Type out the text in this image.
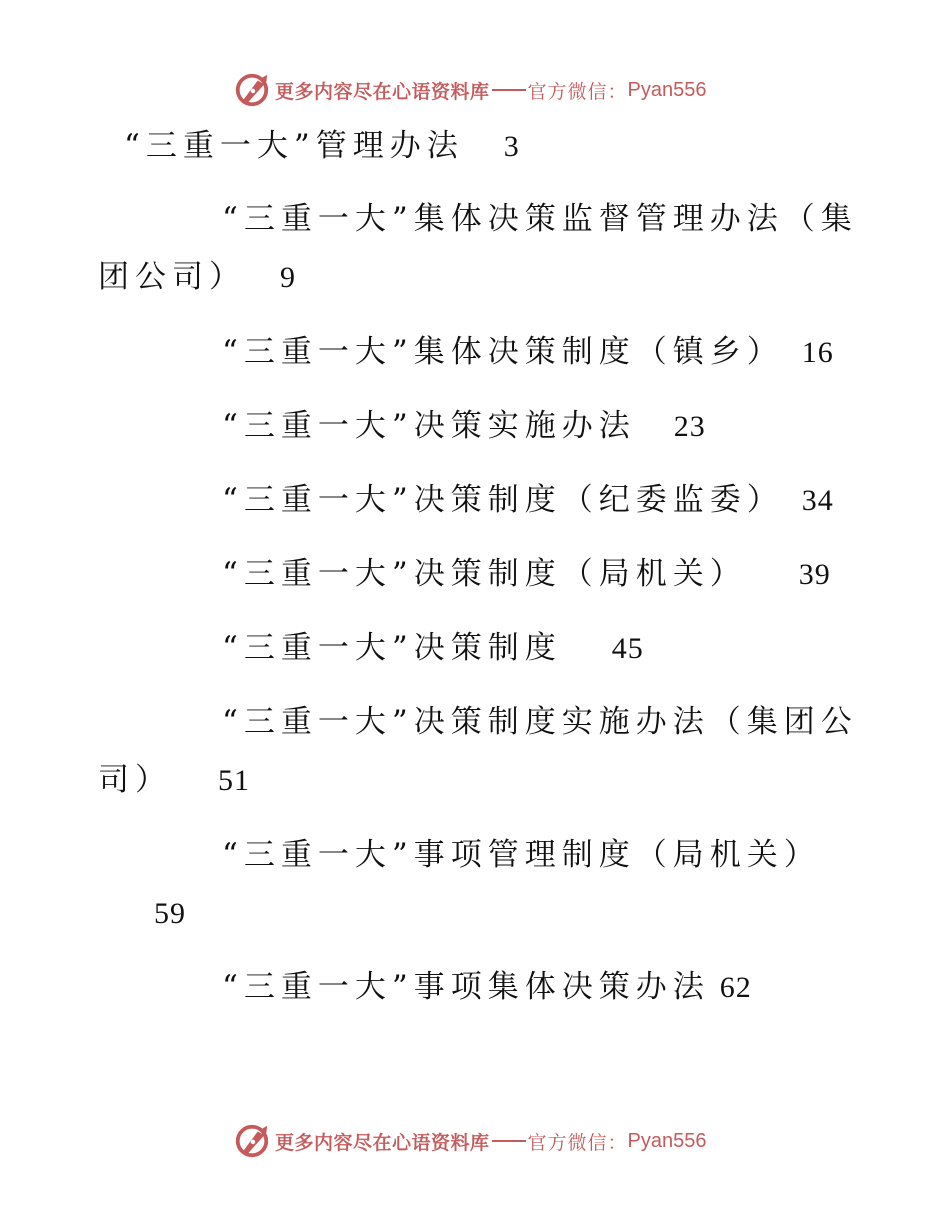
更多内容尽在心语资料库 官方微信： Pyan556
“三重一大”管理办法 3
“三重一大”集体决策监督管理办法（集
团公司） 9
“三重一大”集体决策制度（镇乡） 16
“三重一大”决策实施办法 23
“三重一大”决策制度（纪委监委） 34
“三重一大”决策制度（局机关） 39
“三重一大”决策制度 45
“三重一大”决策制度实施办法（集团公
司） 51
“三重一大”事项管理制度（局机关）
59
“三重一大”事项集体决策办法 62
更多内容尽在心语资料库 官方微信： Pyan556
